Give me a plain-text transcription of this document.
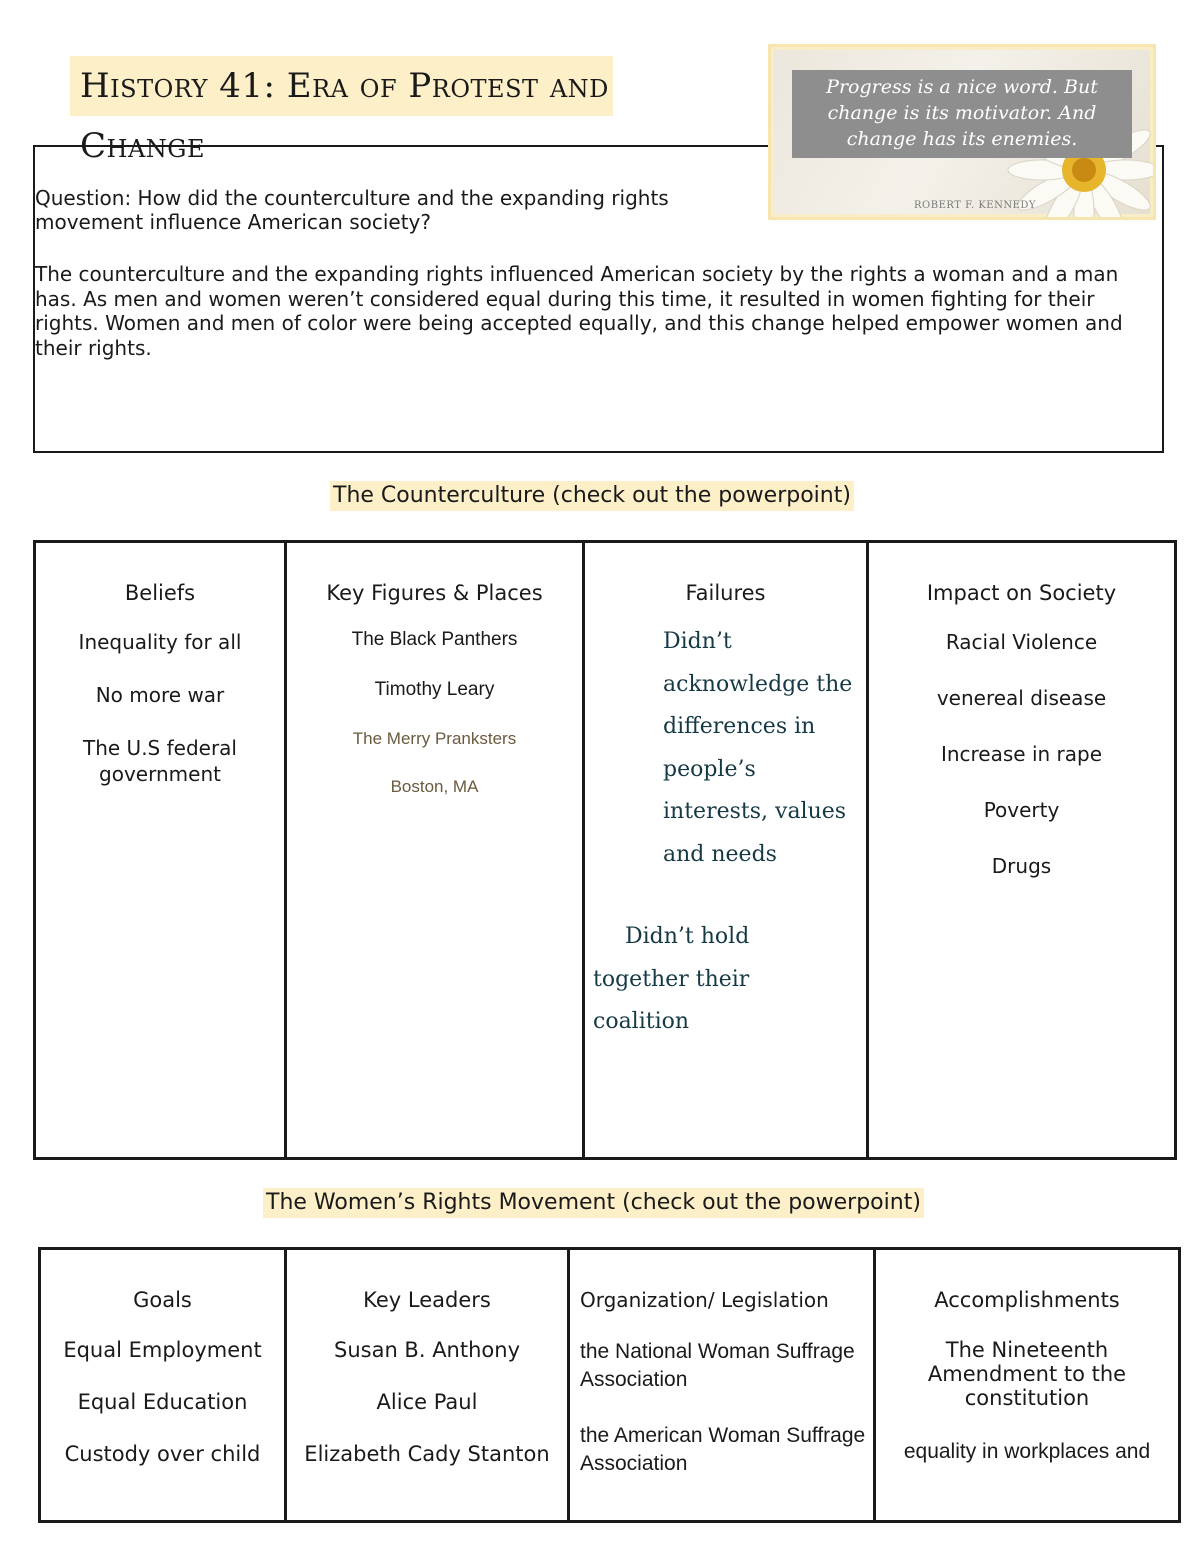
History 41: Era of Protest and Change
Question: How did the counterculture and the expanding rights movement influence American society?
The counterculture and the expanding rights influenced American society by the rights a woman and a man has. As men and women weren’t considered equal during this time, it resulted in women fighting for their rights. Women and men of color were being accepted equally, and this change helped empower women and their rights.
Progress is a nice word. But change is its motivator. And change has its enemies.
ROBERT F. KENNEDY
The Counterculture (check out the powerpoint)
Beliefs
Inequality for all
No more war
The U.S federal government

Key Figures & Places
The Black Panthers
Timothy Leary
The Merry Pranksters
Boston, MA

Failures
Didn’t acknowledge the differences in people’s interests, values and needs
Didn’t hold together their coalition

Impact on Society
Racial Violence
venereal disease
Increase in rape
Poverty
Drugs
The Women’s Rights Movement (check out the powerpoint)
Goals
Equal Employment
Equal Education
Custody over child

Key Leaders
Susan B. Anthony
Alice Paul
Elizabeth Cady Stanton

Organization/ Legislation
the National Woman Suffrage Association
the American Woman Suffrage Association

Accomplishments
The Nineteenth Amendment to the constitution
equality in workplaces and
